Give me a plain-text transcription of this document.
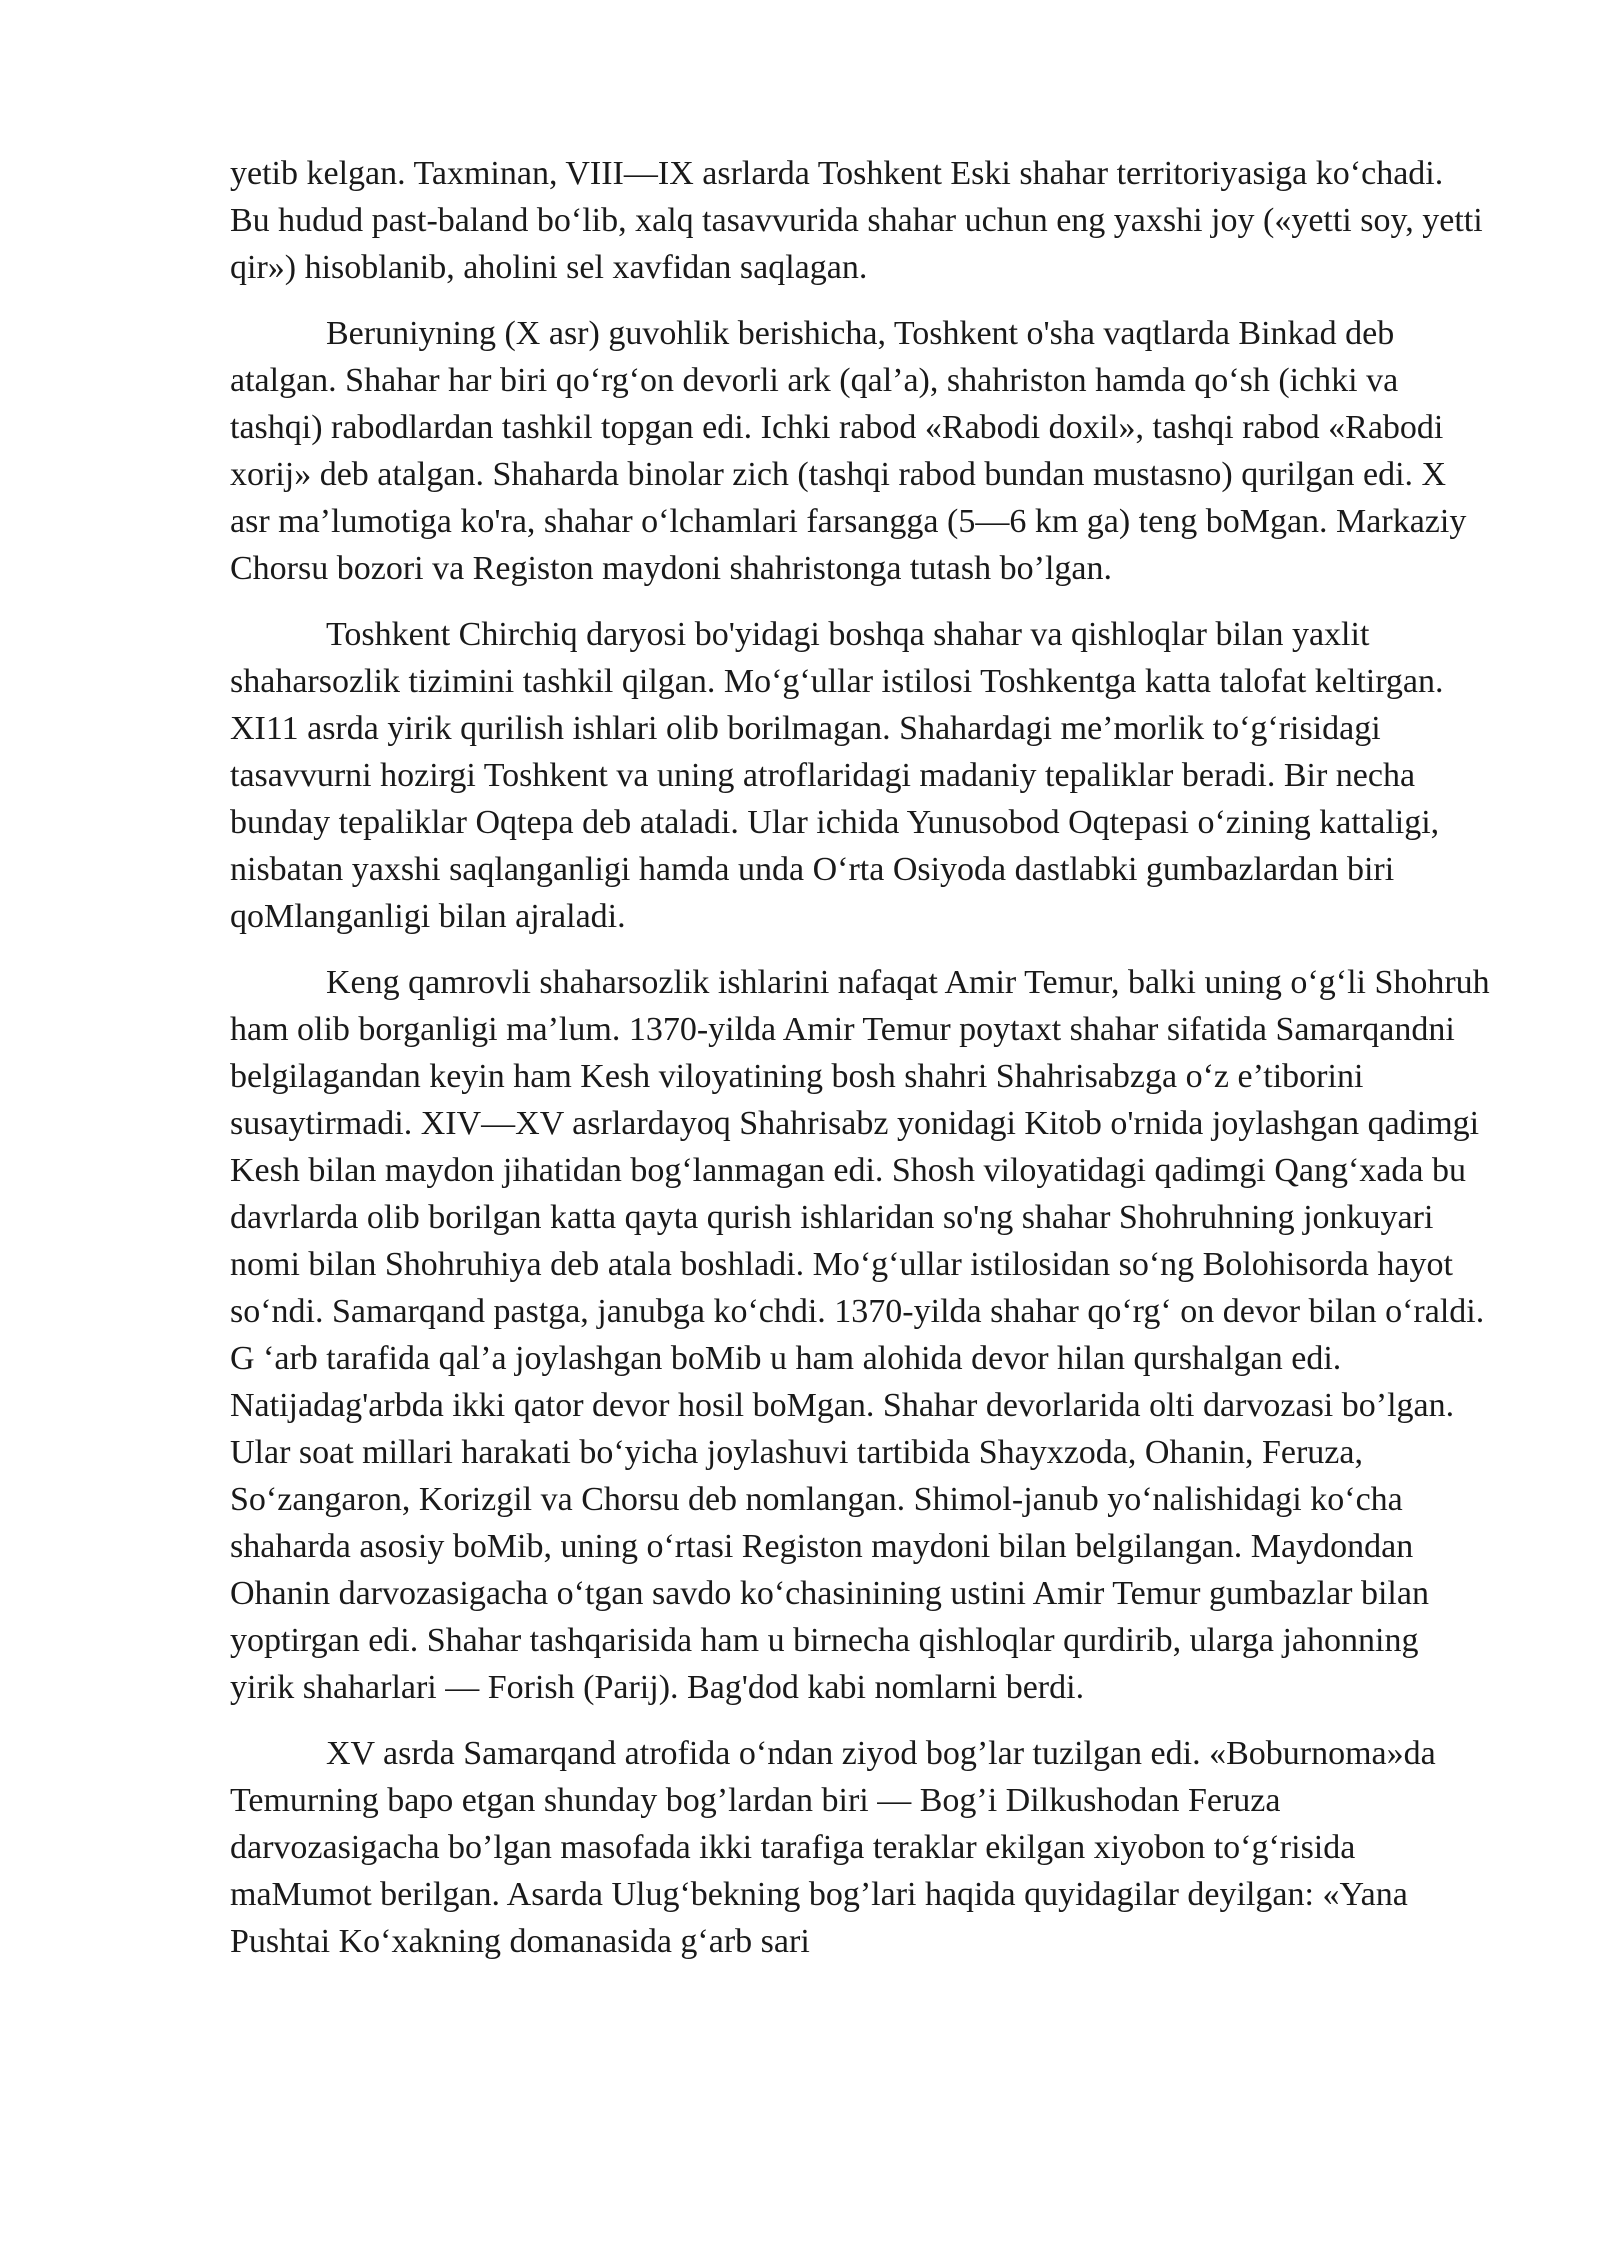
yetib kelgan. Taxminan, VIII—IX asrlarda Toshkent Eski shahar territoriyasiga ko‘chadi. Bu hudud past-baland bo‘lib, xalq tasavvurida shahar uchun eng yaxshi joy («yetti soy, yetti qir») hisoblanib, aholini sel xavfidan saqlagan.

Beruniyning (X asr) guvohlik berishicha, Toshkent o'sha vaqtlarda Binkad deb atalgan. Shahar har biri qo‘rg‘on devorli ark (qal’a), shahriston hamda qo‘sh (ichki va tashqi) rabodlardan tashkil topgan edi. Ichki rabod «Rabodi doxil», tashqi rabod «Rabodi xorij» deb atalgan. Shaharda binolar zich (tashqi rabod bundan mustasno) qurilgan edi. X asr ma’lumotiga ko'ra, shahar o‘lchamlari farsangga (5—6 km ga) teng boMgan. Markaziy Chorsu bozori va Registon maydoni shahristonga tutash bo’lgan.

Toshkent Chirchiq daryosi bo'yidagi boshqa shahar va qishloqlar bilan yaxlit shaharsozlik tizimini tashkil qilgan. Mo‘g‘ullar istilosi Toshkentga katta talofat keltirgan. XI11 asrda yirik qurilish ishlari olib borilmagan. Shahardagi me’morlik to‘g‘risidagi tasavvurni hozirgi Toshkent va uning atroflaridagi madaniy tepaliklar beradi. Bir necha bunday tepaliklar Oqtepa deb ataladi. Ular ichida Yunusobod Oqtepasi o‘zining kattaligi, nisbatan yaxshi saqlanganligi hamda unda O‘rta Osiyoda dastlabki gumbazlardan biri qoMlanganligi bilan ajraladi.

Keng qamrovli shaharsozlik ishlarini nafaqat Amir Temur, balki uning o‘g‘li Shohruh ham olib borganligi ma’lum. 1370-yilda Amir Temur poytaxt shahar sifatida Samarqandni belgilagandan keyin ham Kesh viloyatining bosh shahri Shahrisabzga o‘z e’tiborini susaytirmadi. XIV—XV asrlardayoq Shahrisabz yonidagi Kitob o'rnida joylashgan qadimgi Kesh bilan maydon jihatidan bog‘lanmagan edi. Shosh viloyatidagi qadimgi Qang‘xada bu davrlarda olib borilgan katta qayta qurish ishlaridan so'ng shahar Shohruhning jonkuyari nomi bilan Shohruhiya deb atala boshladi. Mo‘g‘ullar istilosidan so‘ng Bolohisorda hayot so‘ndi. Samarqand pastga, janubga ko‘chdi. 1370-yilda shahar qo‘rg‘ on devor bilan o‘raldi. G ‘arb tarafida qal’a joylashgan boMib u ham alohida devor hilan qurshalgan edi. Natijadag'arbda ikki qator devor hosil boMgan. Shahar devorlarida olti darvozasi bo’lgan. Ular soat millari harakati bo‘yicha joylashuvi tartibida Shayxzoda, Ohanin, Feruza, So‘zangaron, Korizgil va Chorsu deb nomlangan. Shimol-janub yo‘nalishidagi ko‘cha shaharda asosiy boMib, uning o‘rtasi Registon maydoni bilan belgilangan. Maydondan Ohanin darvozasigacha o‘tgan savdo ko‘chasinining ustini Amir Temur gumbazlar bilan yoptirgan edi. Shahar tashqarisida ham u birnecha qishloqlar qurdirib, ularga jahonning yirik shaharlari — Forish (Parij). Bag'dod kabi nomlarni berdi.

XV asrda Samarqand atrofida o‘ndan ziyod bog’lar tuzilgan edi. «Boburnoma»da Temurning bapo etgan shunday bog’lardan biri — Bog’i Dilkushodan Feruza darvozasigacha bo’lgan masofada ikki tarafiga teraklar ekilgan xiyobon to‘g‘risida maMumot berilgan. Asarda Ulug‘bekning bog’lari haqida quyidagilar deyilgan: «Yana Pushtai Ko‘xakning domanasida g‘arb sari
